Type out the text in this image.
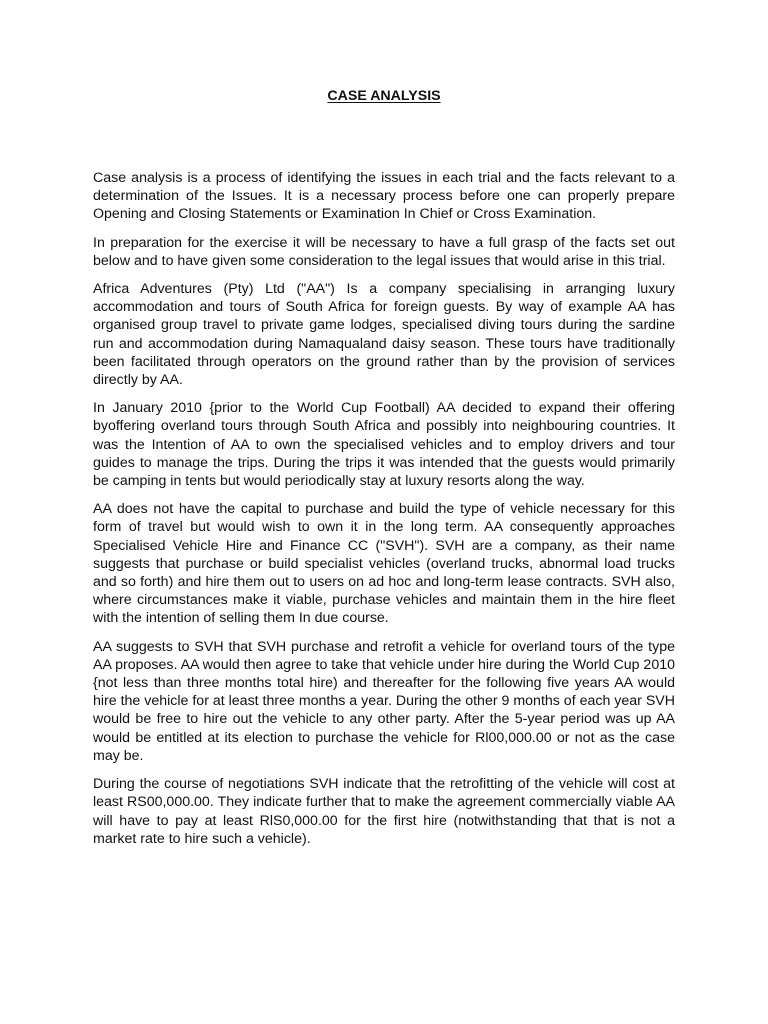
CASE ANALYSIS

Case analysis is a process of identifying the issues in each trial and the facts relevant to a determination of the Issues. It is a necessary process before one can properly prepare Opening and Closing Statements or Examination In Chief or Cross Examination.

In preparation for the exercise it will be necessary to have a full grasp of the facts set out below and to have given some consideration to the legal issues that would arise in this trial.

Africa Adventures (Pty) Ltd ("AA") Is a company specialising in arranging luxury accommodation and tours of South Africa for foreign guests. By way of example AA has organised group travel to private game lodges, specialised diving tours during the sardine run and accommodation during Namaqualand daisy season. These tours have traditionally been facilitated through operators on the ground rather than by the provision of services directly by AA.

In January 2010 {prior to the World Cup Football) AA decided to expand their offering byoffering overland tours through South Africa and possibly into neighbouring countries. It was the Intention of AA to own the specialised vehicles and to employ drivers and tour guides to manage the trips. During the trips it was intended that the guests would primarily be camping in tents but would periodically stay at luxury resorts along the way.

AA does not have the capital to purchase and build the type of vehicle necessary for this form of travel but would wish to own it in the long term. AA consequently approaches Specialised Vehicle Hire and Finance CC ("SVH"). SVH are a company, as their name suggests that purchase or build specialist vehicles (overland trucks, abnormal load trucks and so forth) and hire them out to users on ad hoc and long-term lease contracts. SVH also, where circumstances make it viable, purchase vehicles and maintain them in the hire fleet with the intention of selling them In due course.

AA suggests to SVH that SVH purchase and retrofit a vehicle for overland tours of the type AA proposes. AA would then agree to take that vehicle under hire during the World Cup 2010 {not less than three months total hire) and thereafter for the following five years AA would hire the vehicle for at least three months a year. During the other 9 months of each year SVH would be free to hire out the vehicle to any other party. After the 5-year period was up AA would be entitled at its election to purchase the vehicle for Rl00,000.00 or not as the case may be.

During the course of negotiations SVH indicate that the retrofitting of the vehicle will cost at least RS00,000.00. They indicate further that to make the agreement commercially viable AA will have to pay at least RlS0,000.00 for the first hire (notwithstanding that that is not a market rate to hire such a vehicle).
